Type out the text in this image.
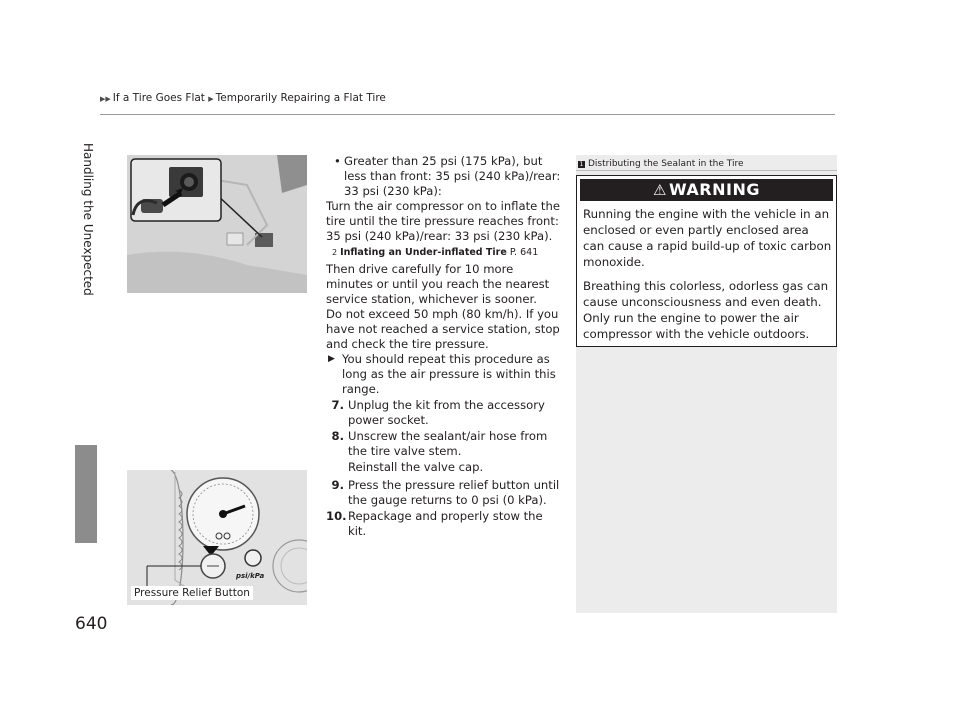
▶▶ If a Tire Goes Flat ▶ Temporarily Repairing a Flat Tire
Handling the Unexpected
640
psi/kPa
Pressure Relief Button
• Greater than 25 psi (175 kPa), but less than front: 35 psi (240 kPa)/rear: 33 psi (230 kPa):

Turn the air compressor on to inflate the tire until the tire pressure reaches front: 35 psi (240 kPa)/rear: 33 psi (230 kPa).

2 Inflating an Under-inflated Tire P. 641

Then drive carefully for 10 more minutes or until you reach the nearest service station, whichever is sooner.

Do not exceed 50 mph (80 km/h). If you have not reached a service station, stop and check the tire pressure.

▶ You should repeat this procedure as long as the air pressure is within this range.
7. Unplug the kit from the accessory power socket.
8. Unscrew the sealant/air hose from the tire valve stem.
Reinstall the valve cap.
9. Press the pressure relief button until the gauge returns to 0 psi (0 kPa).
10. Repackage and properly stow the kit.
1 Distributing the Sealant in the Tire
⚠ WARNING

Running the engine with the vehicle in an enclosed or even partly enclosed area can cause a rapid build-up of toxic carbon monoxide.

Breathing this colorless, odorless gas can cause unconsciousness and even death. Only run the engine to power the air compressor with the vehicle outdoors.
